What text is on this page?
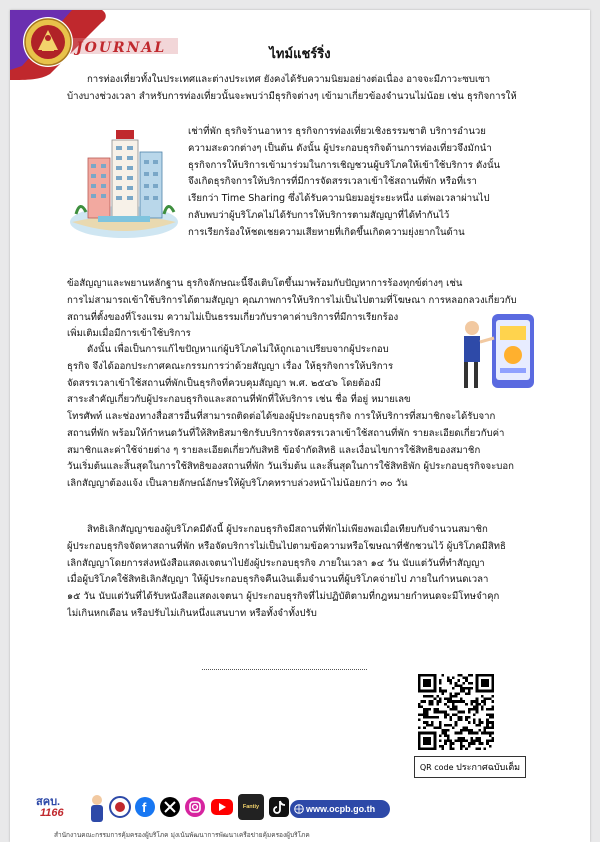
JOURNAL	ไทม์แชร์ริ่ง
การท่องเที่ยวทั้งในประเทศและต่างประเทศ ยังคงได้รับความนิยมอย่างต่อเนื่อง อาจจะมีภาวะซบเซา
บ้างบางช่วงเวลา สำหรับการท่องเที่ยวนั้นจะพบว่ามีธุรกิจต่างๆ เข้ามาเกี่ยวข้องจำนวนไม่น้อย เช่น ธุรกิจการให้
เช่าที่พัก ธุรกิจร้านอาหาร ธุรกิจการท่องเที่ยวเชิงธรรมชาติ บริการอำนวย
ความสะดวกต่างๆ เป็นต้น ดังนั้น ผู้ประกอบธุรกิจด้านการท่องเที่ยวจึงมักนำ
ธุรกิจการให้บริการเข้ามาร่วมในการเชิญชวนผู้บริโภคให้เข้าใช้บริการ ดังนั้น
จึงเกิดธุรกิจการให้บริการที่มีการจัดสรรเวลาเข้าใช้สถานที่พัก หรือที่เรา
เรียกว่า Time Sharing ซึ่งได้รับความนิยมอยู่ระยะหนึ่ง แต่พอเวลาผ่านไป
กลับพบว่าผู้บริโภคไม่ได้รับการให้บริการตามสัญญาที่ได้ทำกันไว้
การเรียกร้องให้ชดเชยความเสียหายที่เกิดขึ้นเกิดความยุ่งยากในด้าน
ข้อสัญญาและพยานหลักฐาน ธุรกิจลักษณะนี้จึงเติบโตขึ้นมาพร้อมกับปัญหาการร้องทุกข์ต่างๆ เช่น
การไม่สามารถเข้าใช้บริการได้ตามสัญญา คุณภาพการให้บริการไม่เป็นไปตามที่โฆษณา การหลอกลวงเกี่ยวกับ
สถานที่ตั้งของที่โรงแรม ความไม่เป็นธรรมเกี่ยวกับราคาค่าบริการที่มีการเรียกร้อง
เพิ่มเติมเมื่อมีการเข้าใช้บริการ
ดังนั้น เพื่อเป็นการแก้ไขปัญหาแก่ผู้บริโภคไม่ให้ถูกเอาเปรียบจากผู้ประกอบ
ธุรกิจ จึงได้ออกประกาศคณะกรรมการว่าด้วยสัญญา เรื่อง ให้ธุรกิจการให้บริการ
จัดสรรเวลาเข้าใช้สถานที่พักเป็นธุรกิจที่ควบคุมสัญญา พ.ศ. ๒๕๔๖ โดยต้องมี
สาระสำคัญเกี่ยวกับผู้ประกอบธุรกิจและสถานที่พักที่ให้บริการ เช่น ชื่อ ที่อยู่ หมายเลข
โทรศัพท์ และช่องทางสื่อสารอื่นที่สามารถติดต่อได้ของผู้ประกอบธุรกิจ การให้บริการที่สมาชิกจะได้รับจาก
สถานที่พัก พร้อมให้กำหนดวันที่ให้สิทธิสมาชิกรับบริการจัดสรรเวลาเข้าใช้สถานที่พัก รายละเอียดเกี่ยวกับค่า
สมาชิกและค่าใช้จ่ายต่าง ๆ รายละเอียดเกี่ยวกับสิทธิ ข้อจำกัดสิทธิ และเงื่อนไขการใช้สิทธิของสมาชิก
วันเริ่มต้นและสิ้นสุดในการใช้สิทธิของสถานที่พัก วันเริ่มต้น และสิ้นสุดในการใช้สิทธิพัก ผู้ประกอบธุรกิจจะบอก
เลิกสัญญาต้องแจ้ง เป็นลายลักษณ์อักษรให้ผู้บริโภคทราบล่วงหน้าไม่น้อยกว่า ๓๐ วัน
สิทธิเลิกสัญญาของผู้บริโภคมีดังนี้ ผู้ประกอบธุรกิจมีสถานที่พักไม่เพียงพอเมื่อเทียบกับจำนวนสมาชิก
ผู้ประกอบธุรกิจจัดหาสถานที่พัก หรือจัดบริการไม่เป็นไปตามข้อความหรือโฆษณาที่ชักชวนไว้ ผู้บริโภคมีสิทธิ
เลิกสัญญาโดยการส่งหนังสือแสดงเจตนาไปยังผู้ประกอบธุรกิจ ภายในเวลา ๑๔ วัน นับแต่วันที่ทำสัญญา
เมื่อผู้บริโภคใช้สิทธิเลิกสัญญา ให้ผู้ประกอบธุรกิจคืนเงินเต็มจำนวนที่ผู้บริโภคจ่ายไป ภายในกำหนดเวลา
๑๕ วัน นับแต่วันที่ได้รับหนังสือแสดงเจตนา ผู้ประกอบธุรกิจที่ไม่ปฏิบัติตามที่กฎหมายกำหนดจะมีโทษจำคุก
ไม่เกินหกเดือน หรือปรับไม่เกินหนึ่งแสนบาท หรือทั้งจำทั้งปรับ
QR code ประกาศฉบับเต็ม
สคบ.
1166	f	Fantiy	www.ocpb.go.th
สำนักงานคณะกรรมการคุ้มครองผู้บริโภค มุ่งเน้นพัฒนาการพัฒนาเครือข่ายคุ้มครองผู้บริโภค
